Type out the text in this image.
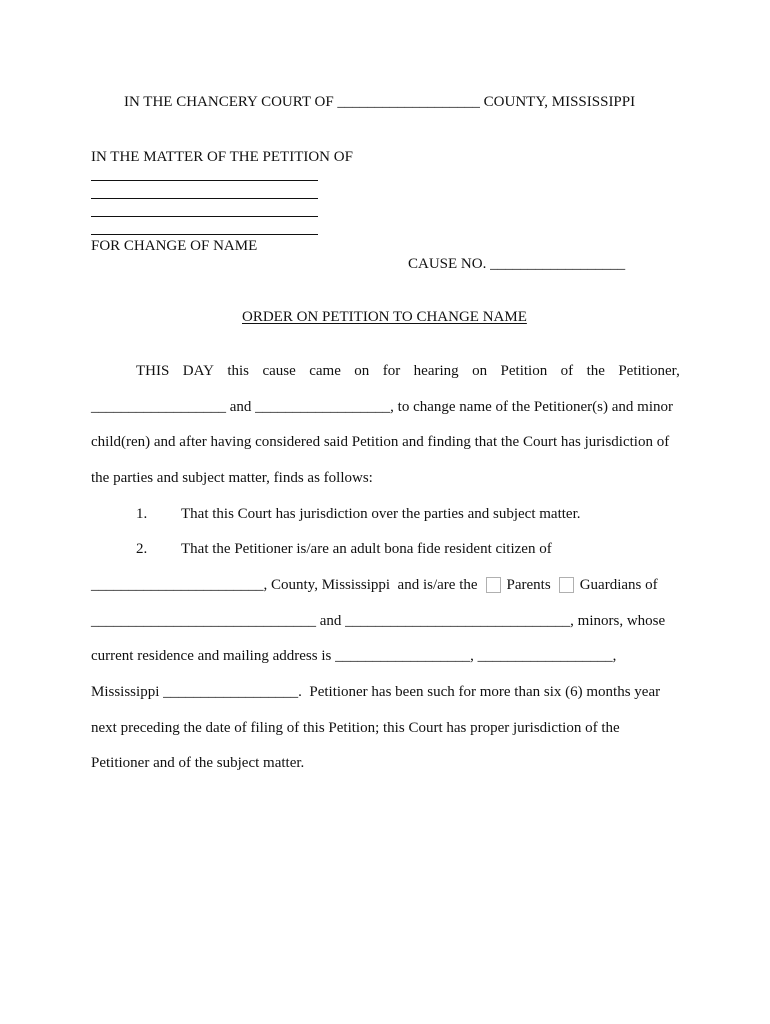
IN THE CHANCERY COURT OF ___________________ COUNTY, MISSISSIPPI
IN THE MATTER OF THE PETITION OF
FOR CHANGE OF NAME
CAUSE NO. __________________
ORDER ON PETITION TO CHANGE NAME
THIS DAY this cause came on for hearing on Petition of the Petitioner,
__________________ and __________________, to change name of the Petitioner(s) and minor
child(ren) and after having considered said Petition and finding that the Court has jurisdiction of
the parties and subject matter, finds as follows:
1. That this Court has jurisdiction over the parties and subject matter.
2. That the Petitioner is/are an adult bona fide resident citizen of
_______________________, County, Mississippi  and is/are the Parents Guardians of
______________________________ and ______________________________, minors, whose
current residence and mailing address is __________________, __________________,
Mississippi __________________.  Petitioner has been such for more than six (6) months year
next preceding the date of filing of this Petition; this Court has proper jurisdiction of the
Petitioner and of the subject matter.
